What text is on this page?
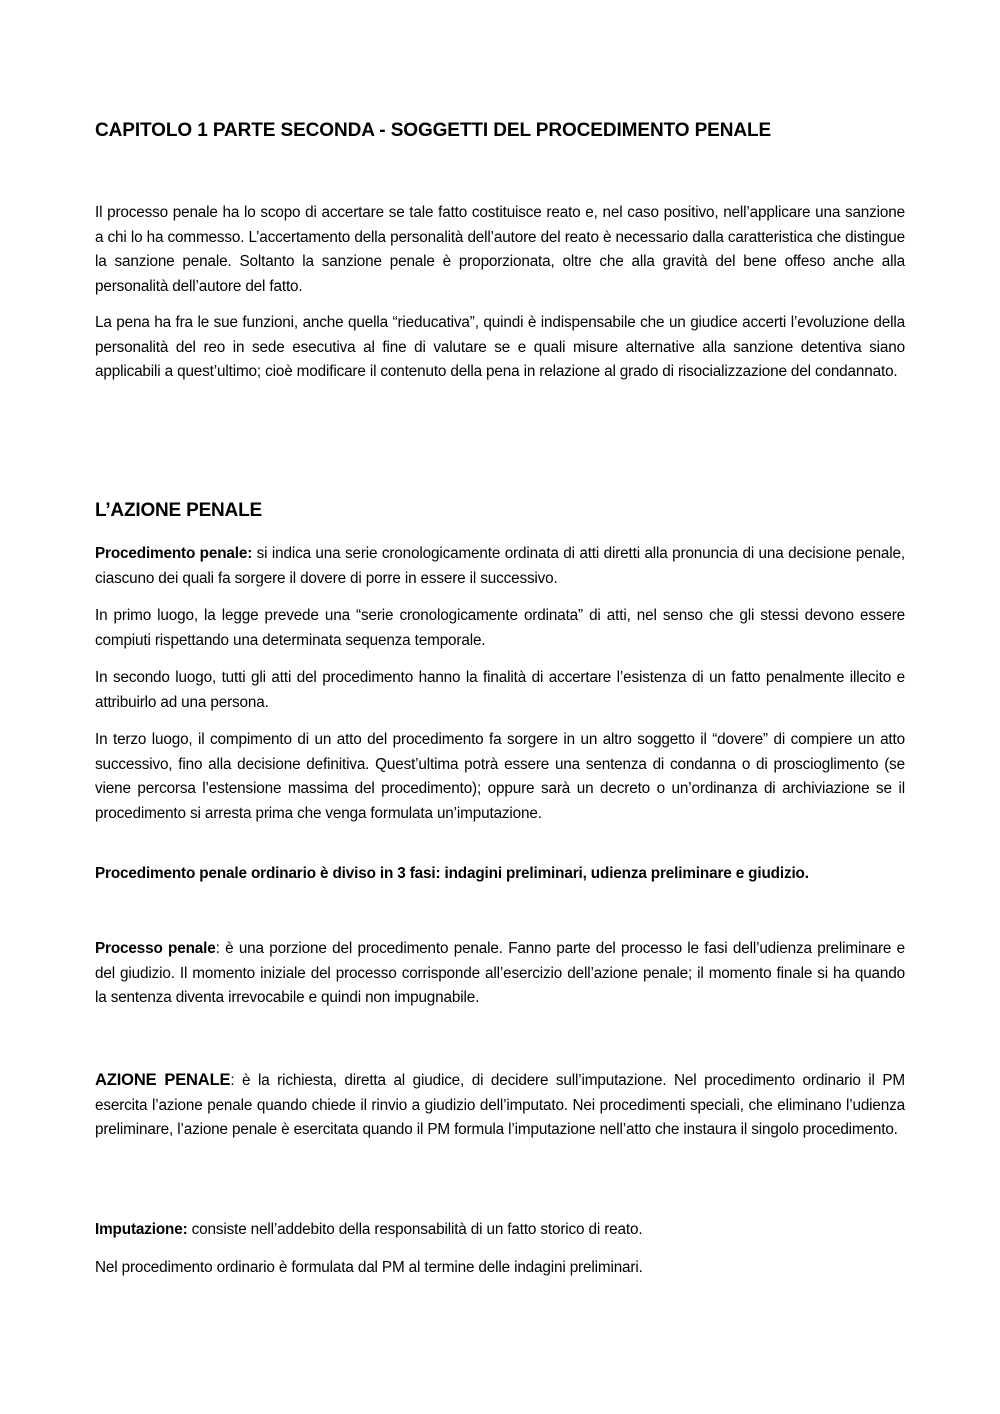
CAPITOLO 1 PARTE SECONDA - SOGGETTI DEL PROCEDIMENTO PENALE

Il processo penale ha lo scopo di accertare se tale fatto costituisce reato e, nel caso positivo, nell’applicare una sanzione a chi lo ha commesso. L’accertamento della personalità dell’autore del reato è necessario dalla caratteristica che distingue la sanzione penale. Soltanto la sanzione penale è proporzionata, oltre che alla gravità del bene offeso anche alla personalità dell’autore del fatto.

La pena ha fra le sue funzioni, anche quella “rieducativa”, quindi è indispensabile che un giudice accerti l’evoluzione della personalità del reo in sede esecutiva al fine di valutare se e quali misure alternative alla sanzione detentiva siano applicabili a quest’ultimo; cioè modificare il contenuto della pena in relazione al grado di risocializzazione del condannato.

L’AZIONE PENALE

Procedimento penale: si indica una serie cronologicamente ordinata di atti diretti alla pronuncia di una decisione penale, ciascuno dei quali fa sorgere il dovere di porre in essere il successivo.

In primo luogo, la legge prevede una “serie cronologicamente ordinata” di atti, nel senso che gli stessi devono essere compiuti rispettando una determinata sequenza temporale.

In secondo luogo, tutti gli atti del procedimento hanno la finalità di accertare l’esistenza di un fatto penalmente illecito e attribuirlo ad una persona.

In terzo luogo, il compimento di un atto del procedimento fa sorgere in un altro soggetto il “dovere” di compiere un atto successivo, fino alla decisione definitiva. Quest’ultima potrà essere una sentenza di condanna o di proscioglimento (se viene percorsa l’estensione massima del procedimento); oppure sarà un decreto o un’ordinanza di archiviazione se il procedimento si arresta prima che venga formulata un’imputazione.

Procedimento penale ordinario è diviso in 3 fasi: indagini preliminari, udienza preliminare e giudizio.

Processo penale: è una porzione del procedimento penale. Fanno parte del processo le fasi dell’udienza preliminare e del giudizio. Il momento iniziale del processo corrisponde all’esercizio dell’azione penale; il momento finale si ha quando la sentenza diventa irrevocabile e quindi non impugnabile.

AZIONE PENALE: è la richiesta, diretta al giudice, di decidere sull’imputazione. Nel procedimento ordinario il PM esercita l’azione penale quando chiede il rinvio a giudizio dell’imputato. Nei procedimenti speciali, che eliminano l’udienza preliminare, l’azione penale è esercitata quando il PM formula l’imputazione nell’atto che instaura il singolo procedimento.

Imputazione: consiste nell’addebito della responsabilità di un fatto storico di reato.

Nel procedimento ordinario è formulata dal PM al termine delle indagini preliminari.
